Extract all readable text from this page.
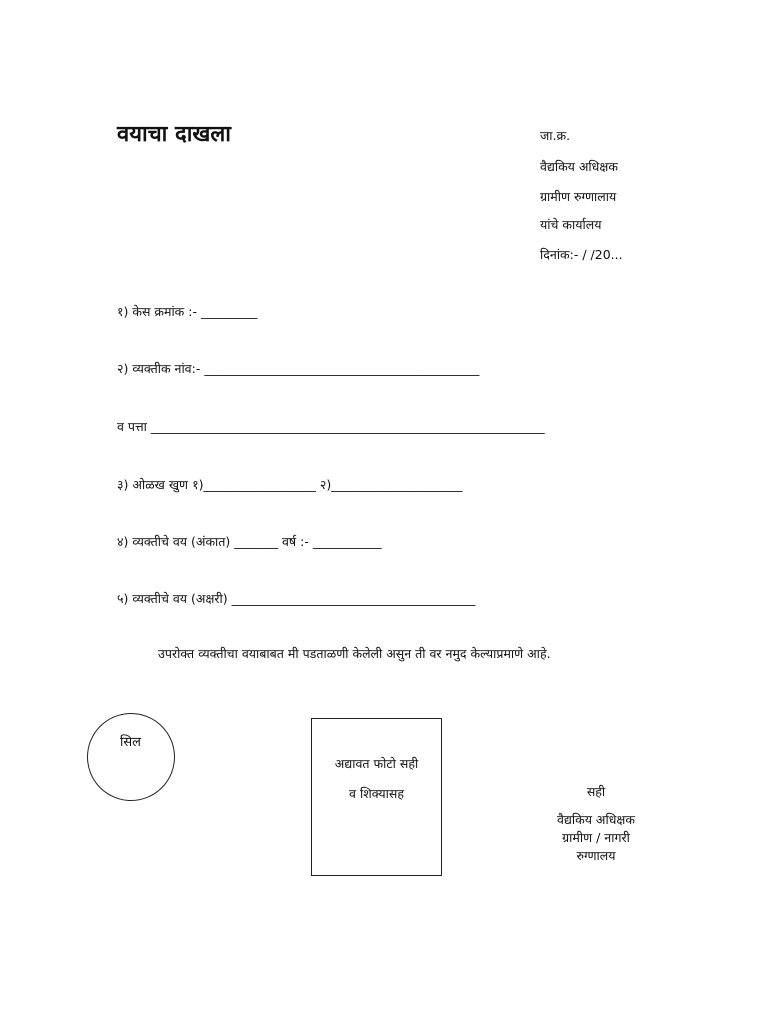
वयाचा दाखला	जा.क्र.
वैद्यकिय अधिक्षक
ग्रामीण रुग्णालाय
यांचे कार्यालय
दिनांक:- / /20...
१) केस क्रमांक :- _________
२) व्यक्तीक नांव:- ____________________________________________
व पत्ता _______________________________________________________________
३) ओळख खुण १)__________________ २)_____________________
४) व्यक्तीचे वय (अंकात) _______ वर्ष :- ___________
५) व्यक्तीचे वय (अक्षरी) _______________________________________
उपरोक्त व्यक्तीचा वयाबाबत मी पडताळणी केलेली असुन ती वर नमुद केल्याप्रमाणे आहे.
सिल
अद्यावत फोटो सही
व शिक्यासह	सही
वैद्यकिय अधिक्षक
ग्रामीण / नागरी
रुग्णालय
